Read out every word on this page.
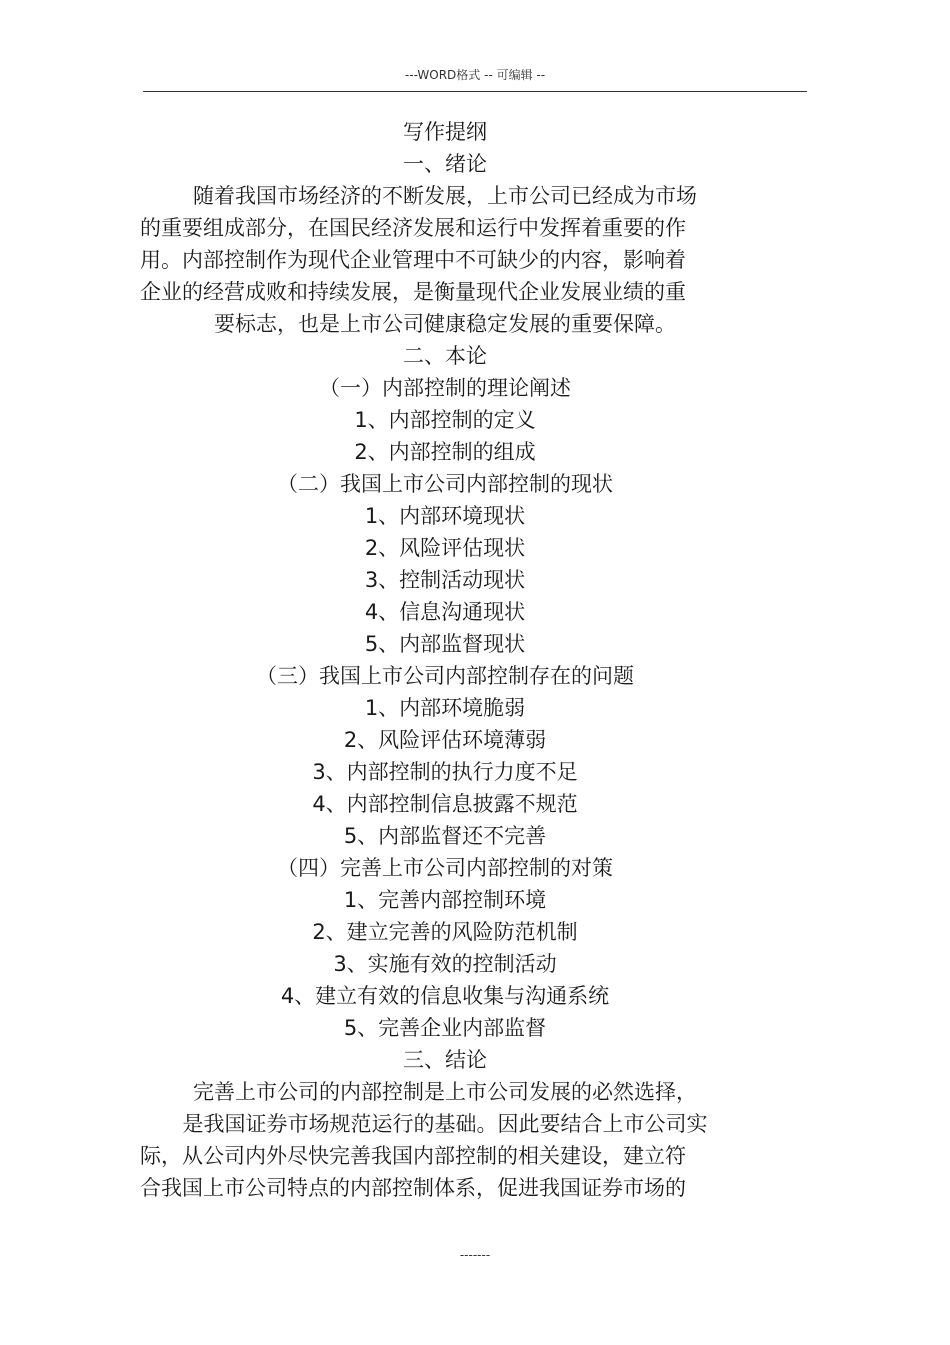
---WORD格式 -- 可编辑 --
写作提纲
一、绪论
随着我国市场经济的不断发展，上市公司已经成为市场
的重要组成部分，在国民经济发展和运行中发挥着重要的作
用。内部控制作为现代企业管理中不可缺少的内容，影响着
企业的经营成败和持续发展，是衡量现代企业发展业绩的重
要标志，也是上市公司健康稳定发展的重要保障。
二、本论
（一）内部控制的理论阐述
1、内部控制的定义
2、内部控制的组成
（二）我国上市公司内部控制的现状
1、内部环境现状
2、风险评估现状
3、控制活动现状
4、信息沟通现状
5、内部监督现状
（三）我国上市公司内部控制存在的问题
1、内部环境脆弱
2、风险评估环境薄弱
3、内部控制的执行力度不足
4、内部控制信息披露不规范
5、内部监督还不完善
（四）完善上市公司内部控制的对策
1、完善内部控制环境
2、建立完善的风险防范机制
3、实施有效的控制活动
4、建立有效的信息收集与沟通系统
5、完善企业内部监督
三、结论
完善上市公司的内部控制是上市公司发展的必然选择，
是我国证券市场规范运行的基础。因此要结合上市公司实
际，从公司内外尽快完善我国内部控制的相关建设，建立符
合我国上市公司特点的内部控制体系，促进我国证券市场的
-------
